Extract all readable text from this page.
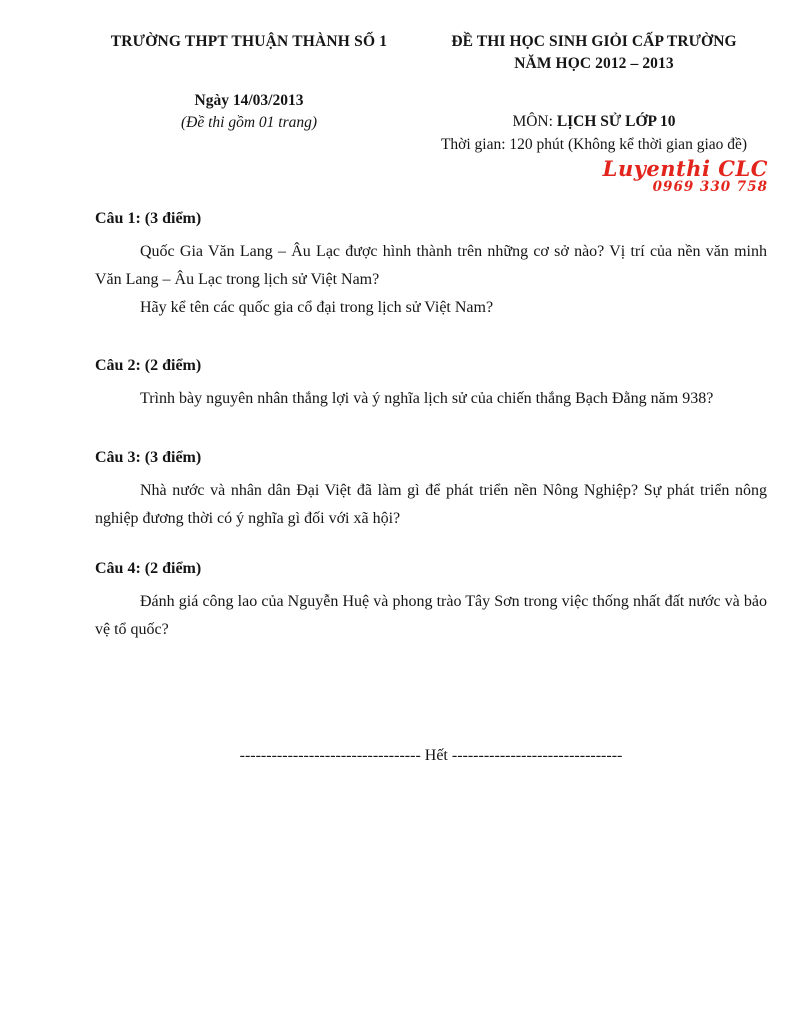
TRƯỜNG THPT THUẬN THÀNH SỐ 1
Ngày 14/03/2013
(Đề thi gồm 01 trang)
ĐỀ THI HỌC SINH GIỎI CẤP TRƯỜNG
NĂM HỌC 2012 – 2013
MÔN: LỊCH SỬ LỚP 10
Thời gian: 120 phút (Không kể thời gian giao đề)
Luyenthi CLC
0969 330 758

Câu 1: (3 điểm)

Quốc Gia Văn Lang – Âu Lạc được hình thành trên những cơ sở nào? Vị trí của nền văn minh Văn Lang – Âu Lạc trong lịch sử Việt Nam?

Hãy kể tên các quốc gia cổ đại trong lịch sử Việt Nam?

Câu 2: (2 điểm)

Trình bày nguyên nhân thắng lợi và ý nghĩa lịch sử của chiến thắng Bạch Đằng năm 938?

Câu 3: (3 điểm)

Nhà nước và nhân dân Đại Việt đã làm gì để phát triển nền Nông Nghiệp? Sự phát triển nông nghiệp đương thời có ý nghĩa gì đối với xã hội?

Câu 4: (2 điểm)

Đánh giá công lao của Nguyễn Huệ và phong trào Tây Sơn trong việc thống nhất đất nước và bảo vệ tổ quốc?

---------------------------------- Hết --------------------------------
